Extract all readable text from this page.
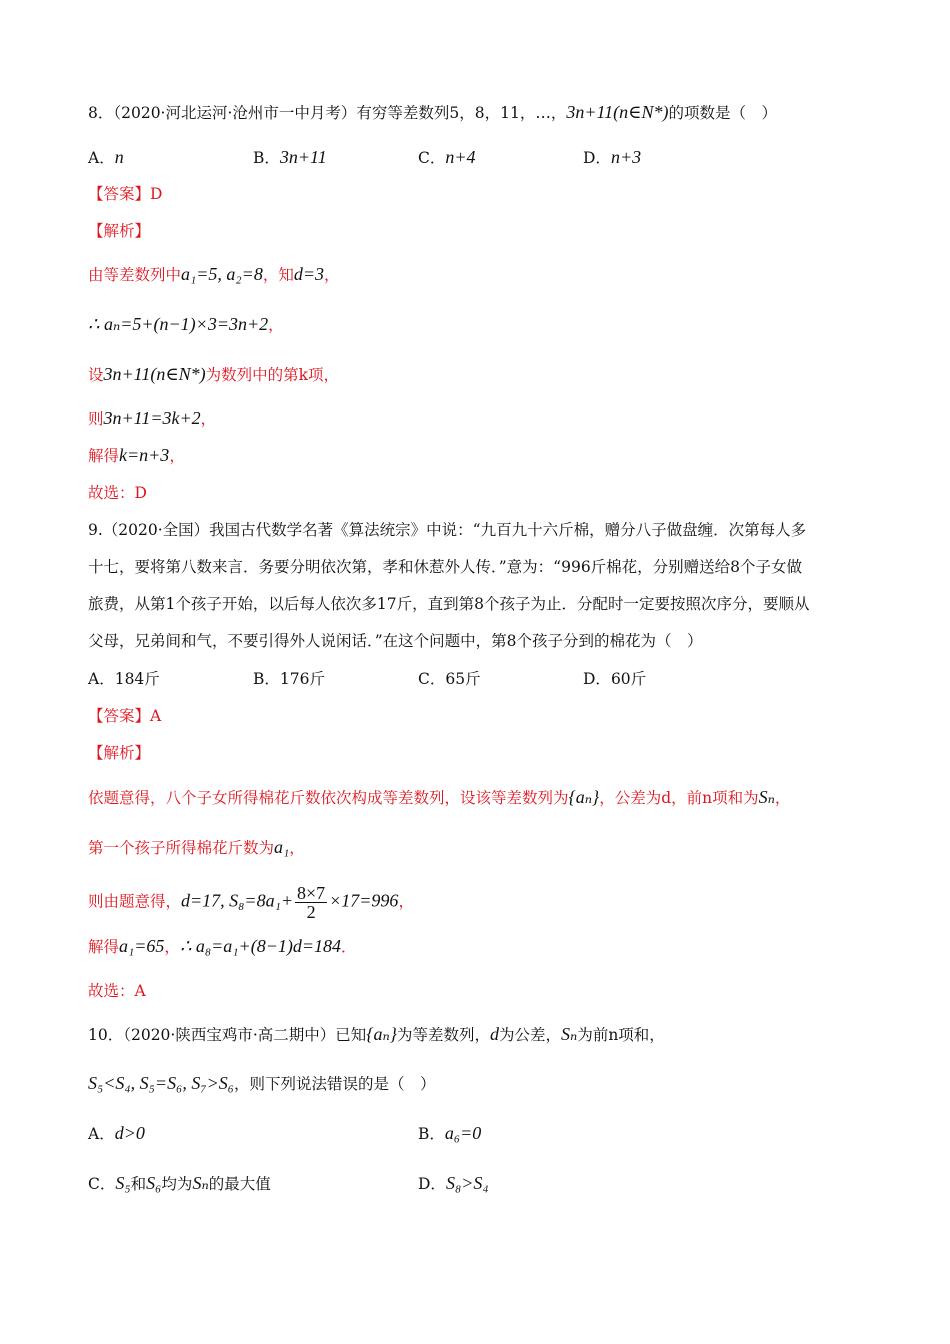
8．（2020·河北运河·沧州市一中月考）有穷等差数列5，8，11，…，3n+11(n∈N*)的项数是（　）
A．n	B．3n+11	C．n+4	D．n+3
【答案】D
【解析】
由等差数列中a₁=5, a₂=8，知d=3，
∴ aₙ=5+(n−1)×3=3n+2，
设3n+11(n∈N*)为数列中的第k项，
则3n+11=3k+2，
解得k=n+3，
故选：D
9.（2020·全国）我国古代数学名著《算法统宗》中说：“九百九十六斤棉，赠分八子做盘缠．次第每人多
十七，要将第八数来言．务要分明依次第，孝和休惹外人传．”意为：“996斤棉花，分别赠送给8个子女做
旅费，从第1个孩子开始，以后每人依次多17斤，直到第8个孩子为止．分配时一定要按照次序分，要顺从
父母，兄弟间和气，不要引得外人说闲话．”在这个问题中，第8个孩子分到的棉花为（　）
A．184斤	B．176斤	C．65斤	D．60斤
【答案】A
【解析】
依题意得，八个子女所得棉花斤数依次构成等差数列，设该等差数列为{aₙ}，公差为d，前n项和为Sₙ，
第一个孩子所得棉花斤数为a₁，
则由题意得，d=17, $S_8=8a_1+ \frac{8\times 7}{2} \times 17=996$，
解得a₁=65，∴ a₈=a₁+(8−1)d=184．
故选：A
10．（2020·陕西宝鸡市·高二期中）已知{aₙ}为等差数列，d为公差，Sₙ为前n项和，
S₅<S₄, S₅=S₆, S₇>S₆，则下列说法错误的是（　）
A．d>0	B．a₆=0
C．S₅和S₆均为Sₙ的最大值	D．S₈>S₄
